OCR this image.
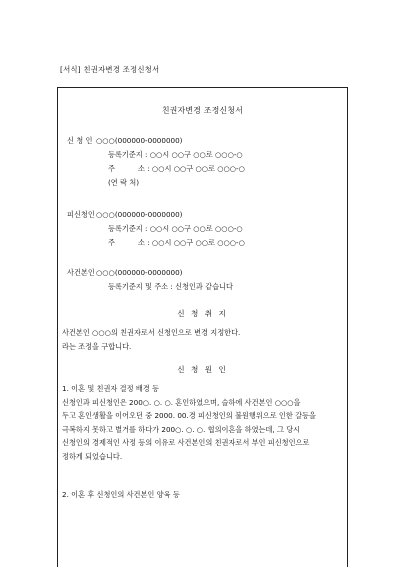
[서식] 친권자변경 조정신청서
친권자변경 조정신청서
신 청 인 ○○○(000000-0000000)
등록기준지 : ○○시 ○○구 ○○로 ○○○-○
주	소 : ○○시 ○○구 ○○로 ○○○-○
(연 락 처)
피신청인 ○○○(000000-0000000)
등록기준지 : ○○시 ○○구 ○○로 ○○○-○
주	소 : ○○시 ○○구 ○○로 ○○○-○
사건본인 ○○○(000000-0000000)
등록기준지 및 주소 : 신청인과 같습니다
신 청 취 지
사건본인 ○○○의 친권자로서 신청인으로 변경 지정한다.
라는 조정을 구합니다.
신 청 원 인
1. 이혼 및 친권자 결정 배경 등
신청인과 피신청인은 200○. ○. ○. 혼인하였으며, 슬하에 사건본인 ○○○을
두고 혼인생활을 이어오던 중 2000. 00.경 피신청인의 불원행위으로 인한 갈등을
극복하지 못하고 별거를 하다가 200○. ○. ○. 협의이혼을 하였는데, 그 당시
신청인의 경제적인 사정 등의 이유로 사건본인의 친권자로서 부인 피신청인으로
정하게 되었습니다.
2. 이혼 후 신청인의 사건본인 양육 등
